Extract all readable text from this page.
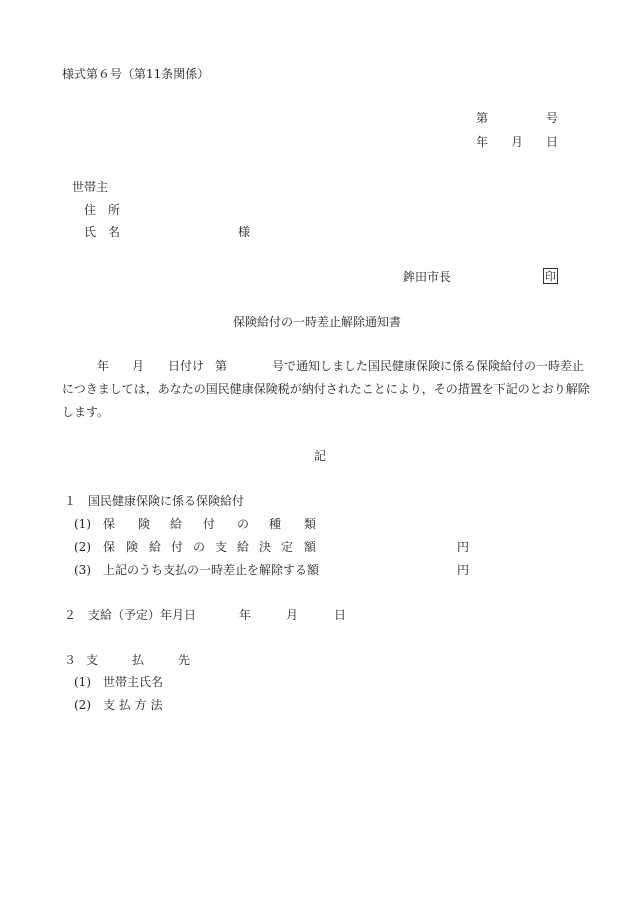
様式第６号（第11条関係）
第	号
年 月 日
世帯主
住　所
氏　名	様
鉾田市長	印
保険給付の一時差止解除通知書
年 月 日付け 第	号で通知しました国民健康保険に係る保険給付の一時差止
につきましては，あなたの国民健康保険税が納付されたことにより，その措置を下記のとおり解除
します。
記
１　国民健康保険に係る保険給付
(1) 保 険 給 付 の 種 類
(2) 保 険 給 付 の 支 給 決 定 額	円
(3) 上記のうち支払の一時差止を解除する額	円
２　支給（予定）年月日	年	月	日
３ 支	払	先
(1) 世帯主氏名
(2) 支 払 方 法
